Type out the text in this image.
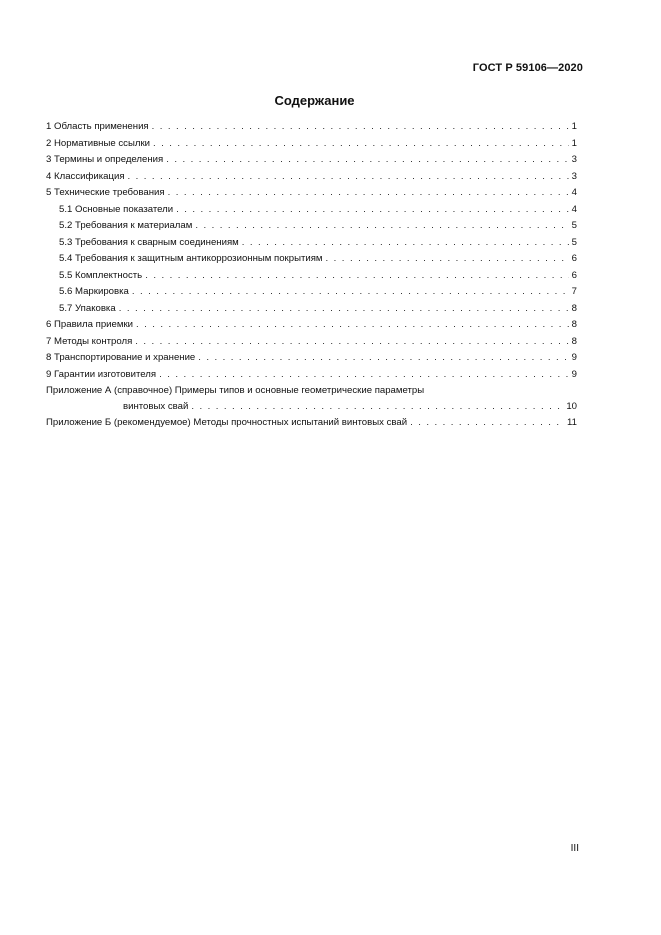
ГОСТ Р 59106—2020
Содержание
1 Область применения . . .	1
2 Нормативные ссылки . . .	1
3 Термины и определения . . .	3
4 Классификация . . .	3
5 Технические требования . . .	4
5.1 Основные показатели . . .	4
5.2 Требования к материалам . . .	5
5.3 Требования к сварным соединениям . . .	5
5.4 Требования к защитным антикоррозионным покрытиям . . .	6
5.5 Комплектность . . .	6
5.6 Маркировка . . .	7
5.7 Упаковка . . .	8
6 Правила приемки . . .	8
7 Методы контроля . . .	8
8 Транспортирование и хранение . . .	9
9 Гарантии изготовителя . . .	9
Приложение А (справочное) Примеры типов и основные геометрические параметры
винтовых свай . . .	10
Приложение Б (рекомендуемое) Методы прочностных испытаний винтовых свай . . .	11
III
